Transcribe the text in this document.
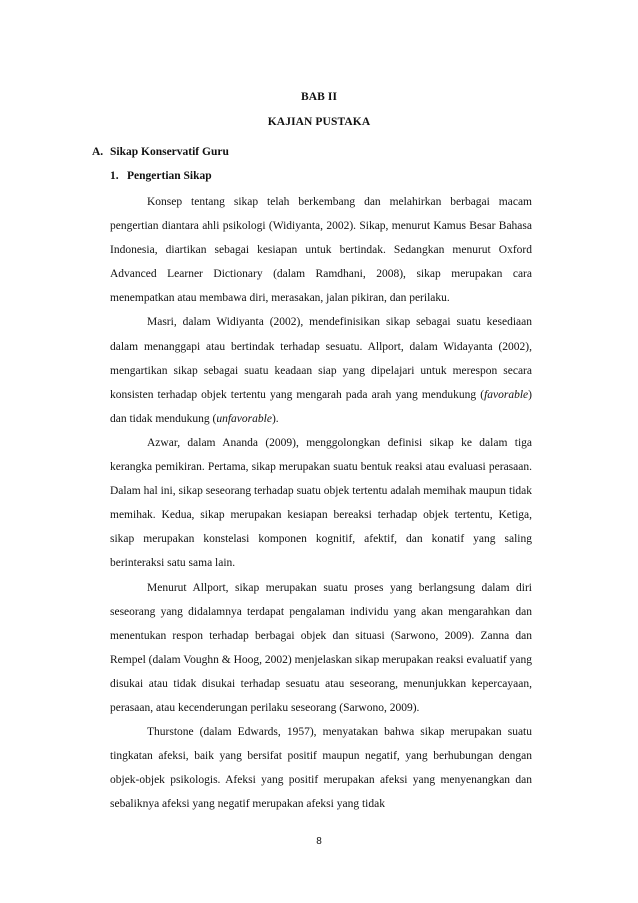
BAB II
KAJIAN PUSTAKA
A. Sikap Konservatif Guru
1. Pengertian Sikap

Konsep tentang sikap telah berkembang dan melahirkan berbagai macam pengertian diantara ahli psikologi (Widiyanta, 2002). Sikap, menurut Kamus Besar Bahasa Indonesia, diartikan sebagai kesiapan untuk bertindak. Sedangkan menurut Oxford Advanced Learner Dictionary (dalam Ramdhani, 2008), sikap merupakan cara menempatkan atau membawa diri, merasakan, jalan pikiran, dan perilaku.

Masri, dalam Widiyanta (2002), mendefinisikan sikap sebagai suatu kesediaan dalam menanggapi atau bertindak terhadap sesuatu. Allport, dalam Widayanta (2002), mengartikan sikap sebagai suatu keadaan siap yang dipelajari untuk merespon secara konsisten terhadap objek tertentu yang mengarah pada arah yang mendukung (favorable) dan tidak mendukung (unfavorable).

Azwar, dalam Ananda (2009), menggolongkan definisi sikap ke dalam tiga kerangka pemikiran. Pertama, sikap merupakan suatu bentuk reaksi atau evaluasi perasaan. Dalam hal ini, sikap seseorang terhadap suatu objek tertentu adalah memihak maupun tidak memihak. Kedua, sikap merupakan kesiapan bereaksi terhadap objek tertentu, Ketiga, sikap merupakan konstelasi komponen kognitif, afektif, dan konatif yang saling berinteraksi satu sama lain.

Menurut Allport, sikap merupakan suatu proses yang berlangsung dalam diri seseorang yang didalamnya terdapat pengalaman individu yang akan mengarahkan dan menentukan respon terhadap berbagai objek dan situasi (Sarwono, 2009). Zanna dan Rempel (dalam Voughn & Hoog, 2002) menjelaskan sikap merupakan reaksi evaluatif yang disukai atau tidak disukai terhadap sesuatu atau seseorang, menunjukkan kepercayaan, perasaan, atau kecenderungan perilaku seseorang (Sarwono, 2009).

Thurstone (dalam Edwards, 1957), menyatakan bahwa sikap merupakan suatu tingkatan afeksi, baik yang bersifat positif maupun negatif, yang berhubungan dengan objek-objek psikologis. Afeksi yang positif merupakan afeksi yang menyenangkan dan sebaliknya afeksi yang negatif merupakan afeksi yang tidak

8
